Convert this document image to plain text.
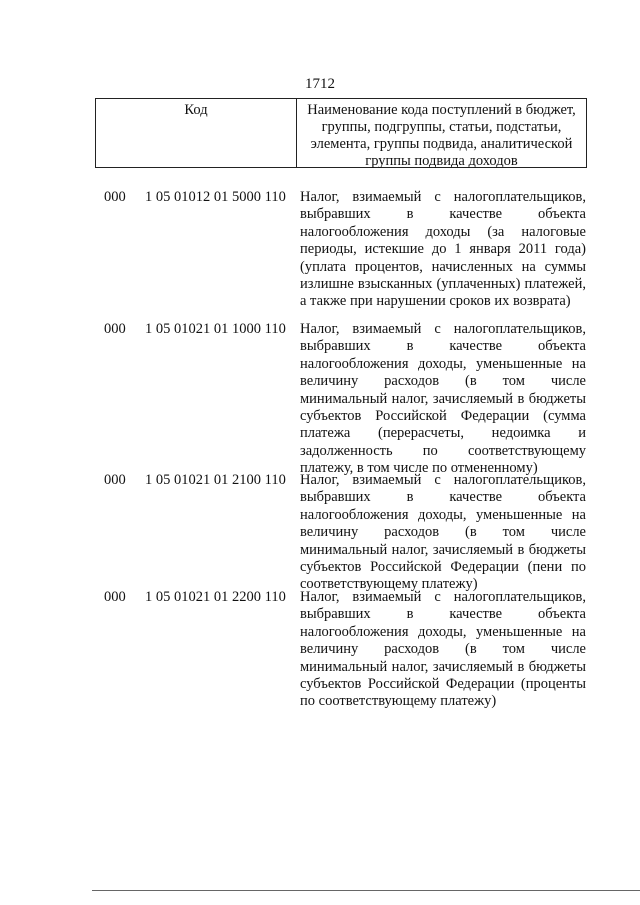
1712
Код	Наименование кода поступлений в бюджет, группы, подгруппы, статьи, подстатьи, элемента, группы подвида, аналитической группы подвида доходов
000 1 05 01012 01 5000 110 Налог, взимаемый с налогоплательщиков, выбравших в качестве объекта налогообложения доходы (за налоговые периоды, истекшие до 1 января 2011 года) (уплата процентов, начисленных на суммы излишне взысканных (уплаченных) платежей, а также при нарушении сроков их возврата)
000 1 05 01021 01 1000 110 Налог, взимаемый с налогоплательщиков, выбравших в качестве объекта налогообложения доходы, уменьшенные на величину расходов (в том числе минимальный налог, зачисляемый в бюджеты субъектов Российской Федерации (сумма платежа (перерасчеты, недоимка и задолженность по соответствующему платежу, в том числе по отмененному)
000 1 05 01021 01 2100 110 Налог, взимаемый с налогоплательщиков, выбравших в качестве объекта налогообложения доходы, уменьшенные на величину расходов (в том числе минимальный налог, зачисляемый в бюджеты субъектов Российской Федерации (пени по соответствующему платежу)
000 1 05 01021 01 2200 110 Налог, взимаемый с налогоплательщиков, выбравших в качестве объекта налогообложения доходы, уменьшенные на величину расходов (в том числе минимальный налог, зачисляемый в бюджеты субъектов Российской Федерации (проценты по соответствующему платежу)
